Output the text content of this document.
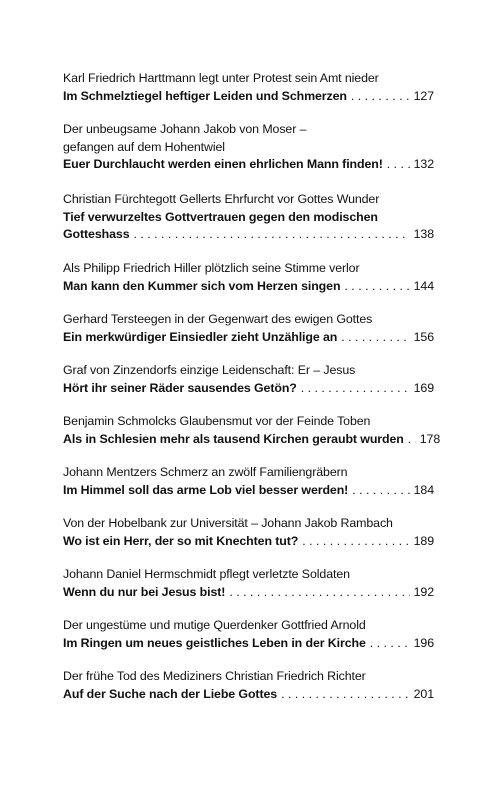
Karl Friedrich Harttmann legt unter Protest sein Amt nieder
Im Schmelztiegel heftiger Leiden und Schmerzen . . .	127
Der unbeugsame Johann Jakob von Moser –
gefangen auf dem Hohentwiel
Euer Durchlaucht werden einen ehrlichen Mann finden! . . . 132
Christian Fürchtegott Gellerts Ehrfurcht vor Gottes Wunder
Tief verwurzeltes Gottvertrauen gegen den modischen
Gotteshass . . .	138
Als Philipp Friedrich Hiller plötzlich seine Stimme verlor
Man kann den Kummer sich vom Herzen singen . . .	144
Gerhard Tersteegen in der Gegenwart des ewigen Gottes
Ein merkwürdiger Einsiedler zieht Unzählige an . . .	156
Graf von Zinzendorfs einzige Leidenschaft: Er – Jesus
Hört ihr seiner Räder sausendes Getön? . . .	169
Benjamin Schmolcks Glaubensmut vor der Feinde Toben
Als in Schlesien mehr als tausend Kirchen geraubt wurden . . . 178
Johann Mentzers Schmerz an zwölf Familiengräbern
Im Himmel soll das arme Lob viel besser werden! . . .	184
Von der Hobelbank zur Universität – Johann Jakob Rambach
Wo ist ein Herr, der so mit Knechten tut? . . .	189
Johann Daniel Hermschmidt pflegt verletzte Soldaten
Wenn du nur bei Jesus bist! . . .	192
Der ungestüme und mutige Querdenker Gottfried Arnold
Im Ringen um neues geistliches Leben in der Kirche . . .	196
Der frühe Tod des Mediziners Christian Friedrich Richter
Auf der Suche nach der Liebe Gottes . . .	201
